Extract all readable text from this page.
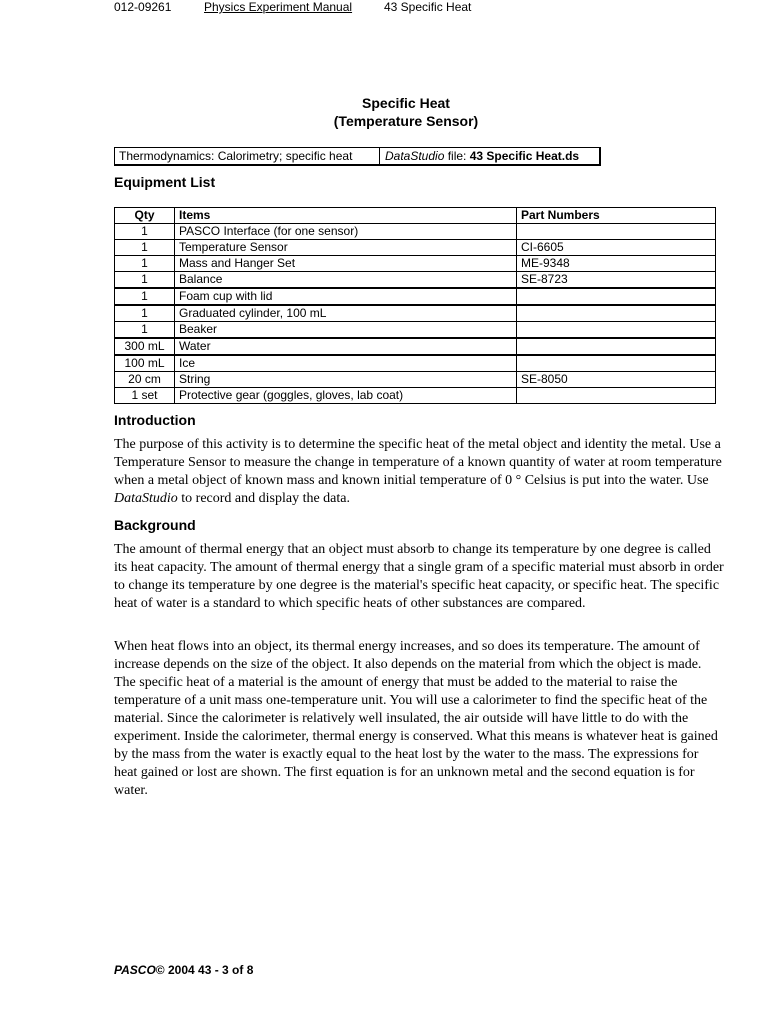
012-09261	Physics Experiment Manual	43 Specific Heat
Specific Heat
(Temperature Sensor)
Thermodynamics: Calorimetry; specific heat	DataStudio file: 43 Specific Heat.ds
Equipment List
Qty	Items	Part Numbers
1	PASCO Interface (for one sensor)	
1	Temperature Sensor	CI-6605
1	Mass and Hanger Set	ME-9348
1	Balance	SE-8723
1	Foam cup with lid	
1	Graduated cylinder, 100 mL	
1	Beaker	
300 mL	Water	
100 mL	Ice	
20 cm	String	SE-8050
1 set	Protective gear (goggles, gloves, lab coat)	
Introduction
The purpose of this activity is to determine the specific heat of the metal object and identity the metal. Use a Temperature Sensor to measure the change in temperature of a known quantity of water at room temperature when a metal object of known mass and known initial temperature of 0 ° Celsius is put into the water. Use DataStudio to record and display the data.
Background
The amount of thermal energy that an object must absorb to change its temperature by one degree is called its heat capacity. The amount of thermal energy that a single gram of a specific material must absorb in order to change its temperature by one degree is the material's specific heat capacity, or specific heat. The specific heat of water is a standard to which specific heats of other substances are compared.
When heat flows into an object, its thermal energy increases, and so does its temperature. The amount of increase depends on the size of the object. It also depends on the material from which the object is made. The specific heat of a material is the amount of energy that must be added to the material to raise the temperature of a unit mass one-temperature unit. You will use a calorimeter to find the specific heat of the material. Since the calorimeter is relatively well insulated, the air outside will have little to do with the experiment. Inside the calorimeter, thermal energy is conserved. What this means is whatever heat is gained by the mass from the water is exactly equal to the heat lost by the water to the mass. The expressions for heat gained or lost are shown. The first equation is for an unknown metal and the second equation is for water.
PASCO© 2004 43 - 3 of 8
